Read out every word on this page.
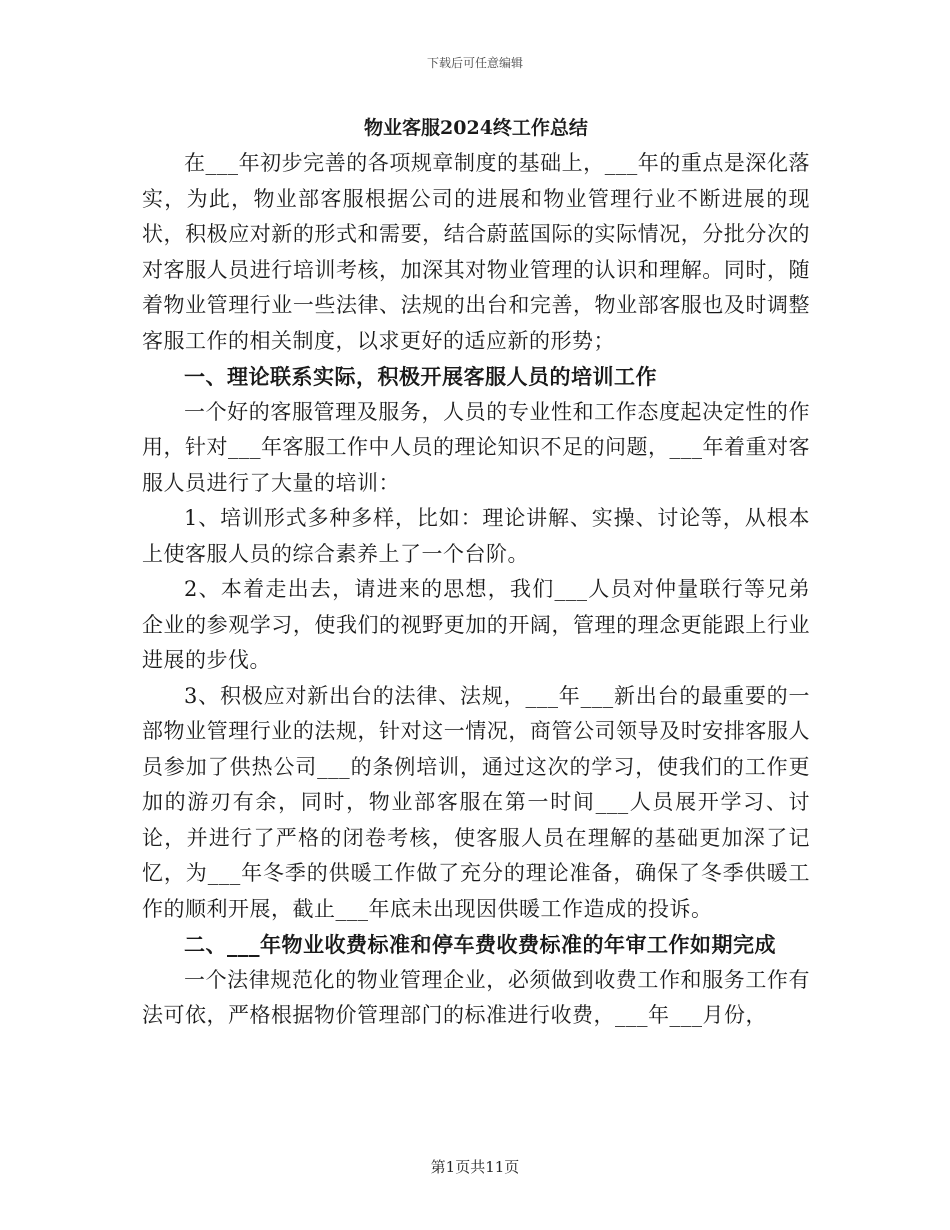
下载后可任意编辑
物业客服2024终工作总结

在___年初步完善的各项规章制度的基础上，___年的重点是深化落实，为此，物业部客服根据公司的进展和物业管理行业不断进展的现状，积极应对新的形式和需要，结合蔚蓝国际的实际情况，分批分次的对客服人员进行培训考核，加深其对物业管理的认识和理解。同时，随着物业管理行业一些法律、法规的出台和完善，物业部客服也及时调整客服工作的相关制度，以求更好的适应新的形势；

一、理论联系实际，积极开展客服人员的培训工作

一个好的客服管理及服务，人员的专业性和工作态度起决定性的作用，针对___年客服工作中人员的理论知识不足的问题，___年着重对客服人员进行了大量的培训：

1、培训形式多种多样，比如：理论讲解、实操、讨论等，从根本上使客服人员的综合素养上了一个台阶。

2、本着走出去，请进来的思想，我们___人员对仲量联行等兄弟企业的参观学习，使我们的视野更加的开阔，管理的理念更能跟上行业进展的步伐。

3、积极应对新出台的法律、法规，___年___新出台的最重要的一部物业管理行业的法规，针对这一情况，商管公司领导及时安排客服人员参加了供热公司___的条例培训，通过这次的学习，使我们的工作更加的游刃有余，同时，物业部客服在第一时间___人员展开学习、讨论，并进行了严格的闭卷考核，使客服人员在理解的基础更加深了记忆，为___年冬季的供暖工作做了充分的理论准备，确保了冬季供暖工作的顺利开展，截止___年底未出现因供暖工作造成的投诉。

二、___年物业收费标准和停车费收费标准的年审工作如期完成

一个法律规范化的物业管理企业，必须做到收费工作和服务工作有法可依，严格根据物价管理部门的标准进行收费，___年___月份，

第1页共11页
